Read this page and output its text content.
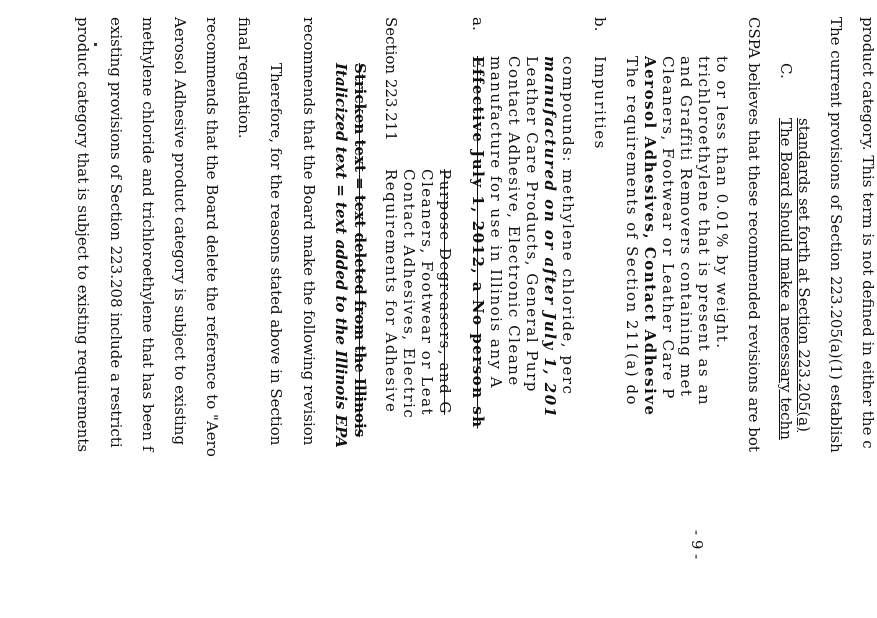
product category that is subject to existing requirements existing provisions of Section 223.208 include a restricti methylene chloride and trichloroethylene that has been f Aerosol Adhesive product category is subject to existing recommends that the Board delete the reference to "Aero final regulation. Therefore, for the reasons stated above in Section recommends that the Board make the following revision Italicized text = text added to the Illinois EPA Stricken text = text deleted from the Illinois Section 223.211
Requirements for Adhesive Contact Adhesives, Electric Cleaners, Footwear or Leat Purpose Degreasers, and G
a.
Effective July 1, 2012, a No person sh manufacture for use in Illinois any A Contact Adhesive, Electronic Cleane Leather Care Products, General Purp manufactured on or after July 1, 201 compounds: methylene chloride, perc
b.
Impurities The requirements of Section 211(a) do Aerosol Adhesives, Contact Adhesive Cleaners, Footwear or Leather Care P and Graffiti Removers containing met trichloroethylene that is present as an to or less than 0.01% by weight. CSPA believes that these recommended revisions are bot C.
The Board should make a necessary techn standards set forth at Section 223.205(a) The current provisions of Section 223.205(a)(1) establish product category. This term is not defined in either the c
- 9 -
